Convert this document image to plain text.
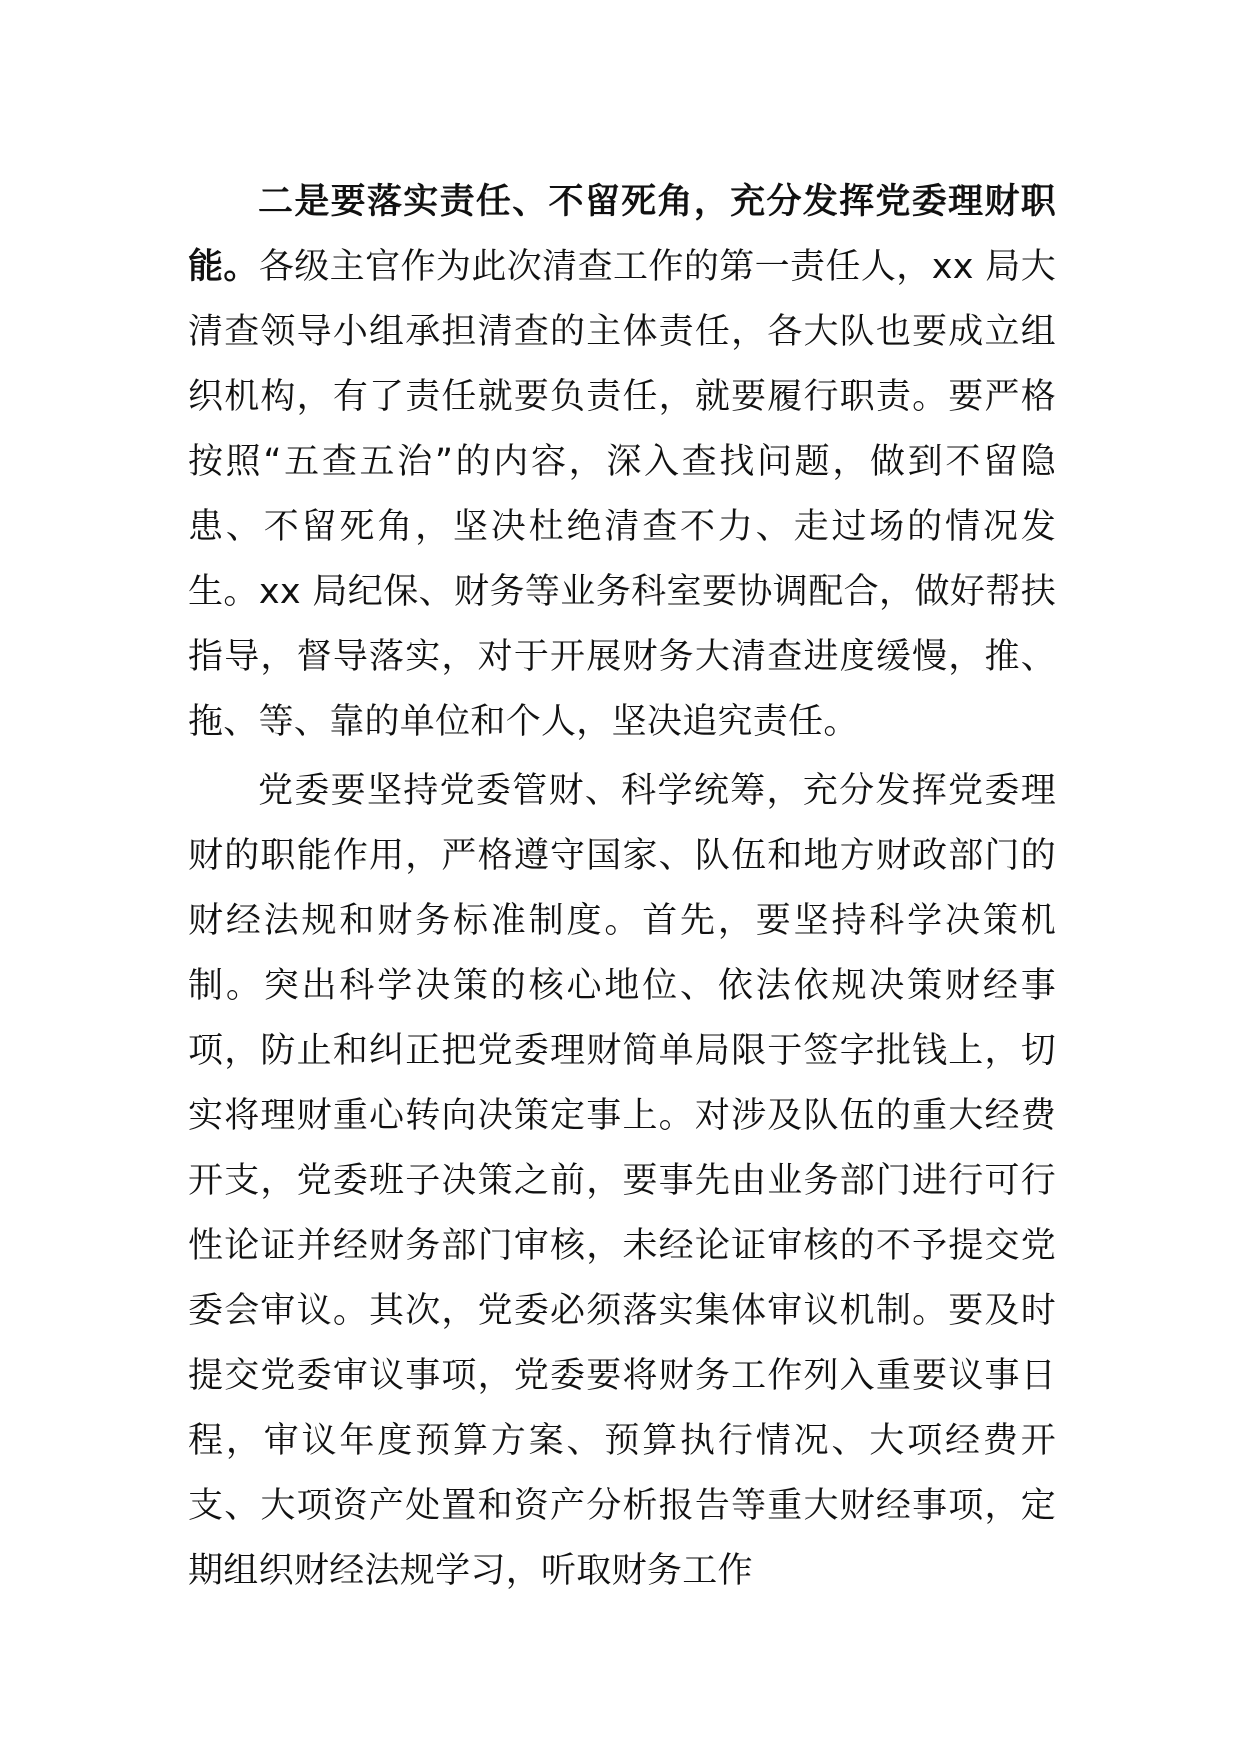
二是要落实责任、不留死角，充分发挥党委理财职能。各级主官作为此次清查工作的第一责任人，xx 局大清查领导小组承担清查的主体责任，各大队也要成立组织机构，有了责任就要负责任，就要履行职责。要严格按照“五查五治”的内容，深入查找问题，做到不留隐患、不留死角，坚决杜绝清查不力、走过场的情况发生。xx 局纪保、财务等业务科室要协调配合，做好帮扶指导，督导落实，对于开展财务大清查进度缓慢，推、拖、等、靠的单位和个人，坚决追究责任。

党委要坚持党委管财、科学统筹，充分发挥党委理财的职能作用，严格遵守国家、队伍和地方财政部门的财经法规和财务标准制度。首先，要坚持科学决策机制。突出科学决策的核心地位、依法依规决策财经事项，防止和纠正把党委理财简单局限于签字批钱上，切实将理财重心转向决策定事上。对涉及队伍的重大经费开支，党委班子决策之前，要事先由业务部门进行可行性论证并经财务部门审核，未经论证审核的不予提交党委会审议。其次，党委必须落实集体审议机制。要及时提交党委审议事项，党委要将财务工作列入重要议事日程，审议年度预算方案、预算执行情况、大项经费开支、大项资产处置和资产分析报告等重大财经事项，定期组织财经法规学习，听取财务工作
